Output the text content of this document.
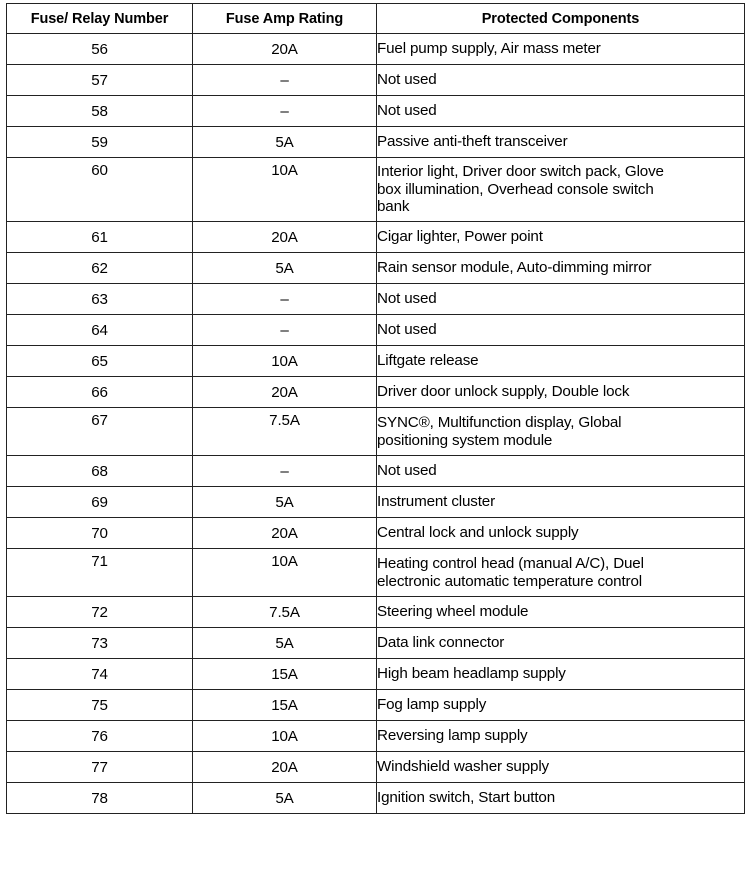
Fuse/ Relay Number	Fuse Amp Rating	Protected Components
56	20A	Fuel pump supply, Air mass meter

57	–	Not used

58	–	Not used

59	5A	Passive anti-theft transceiver

60	10A	Interior light, Driver door switch pack, Glove
box illumination, Overhead console switch
bank

61	20A	Cigar lighter, Power point

62	5A	Rain sensor module, Auto-dimming mirror

63	–	Not used

64	–	Not used

65	10A	Liftgate release

66	20A	Driver door unlock supply, Double lock

67	7.5A	SYNC®, Multifunction display, Global
positioning system module

68	–	Not used

69	5A	Instrument cluster

70	20A	Central lock and unlock supply

71	10A	Heating control head (manual A/C), Duel
electronic automatic temperature control

72	7.5A	Steering wheel module

73	5A	Data link connector

74	15A	High beam headlamp supply

75	15A	Fog lamp supply

76	10A	Reversing lamp supply

77	20A	Windshield washer supply

78	5A	Ignition switch, Start button
